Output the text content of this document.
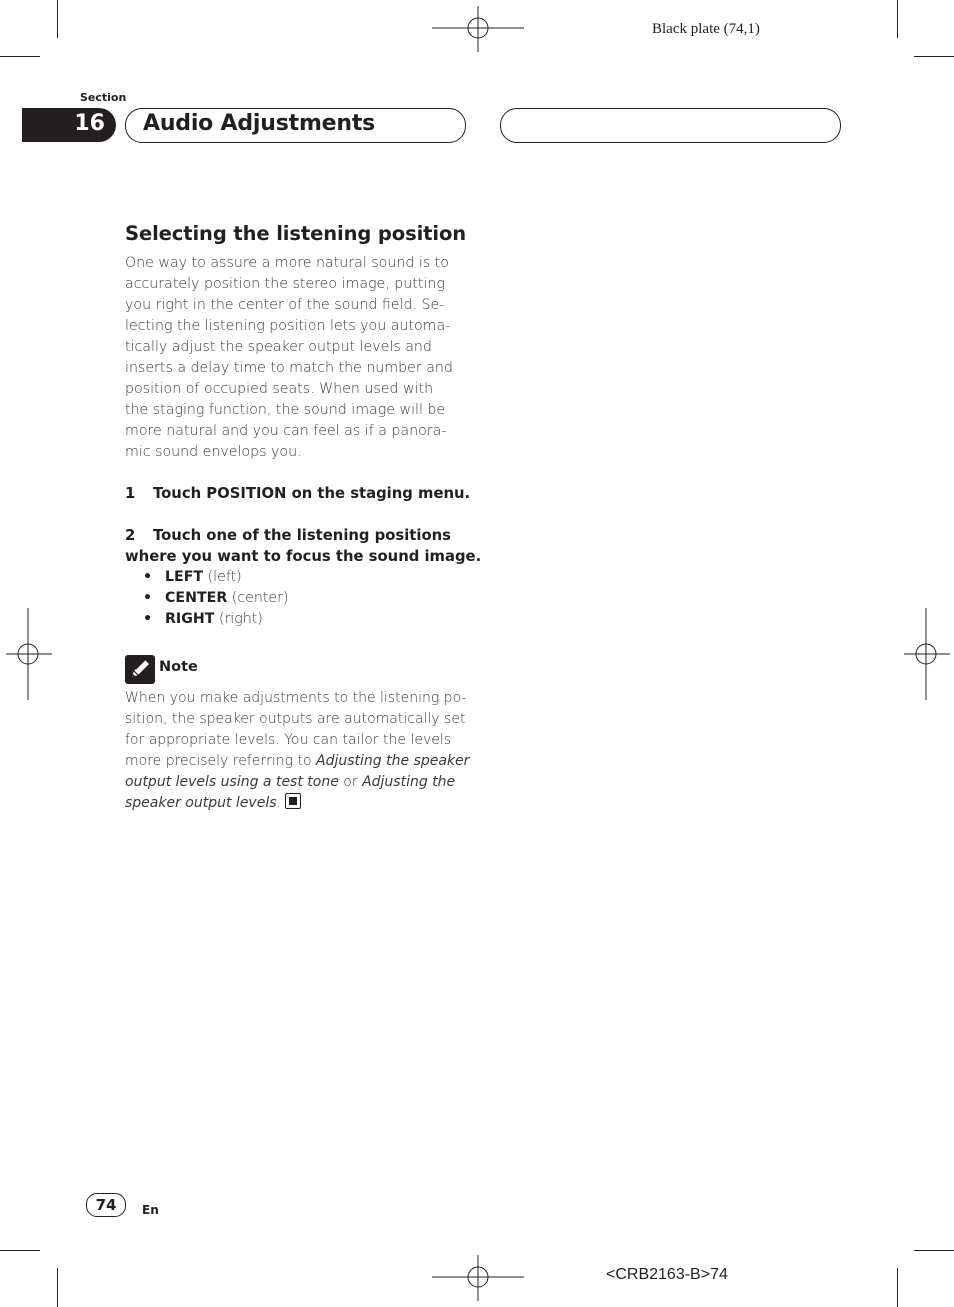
Black plate (74,1)
Section
16 Audio Adjustments
Selecting the listening position
One way to assure a more natural sound is to
accurately position the stereo image, putting
you right in the center of the sound field. Se-
lecting the listening position lets you automa-
tically adjust the speaker output levels and
inserts a delay time to match the number and
position of occupied seats. When used with
the staging function, the sound image will be
more natural and you can feel as if a panora-
mic sound envelops you.
1 Touch POSITION on the staging menu.
2 Touch one of the listening positions
where you want to focus the sound image.
• LEFT (left)
• CENTER (center)
• RIGHT (right)
Note
When you make adjustments to the listening po-
sition, the speaker outputs are automatically set
for appropriate levels. You can tailor the levels
more precisely referring to Adjusting the speaker
output levels using a test tone or Adjusting the
speaker output levels.
74	En
<CRB2163-B>74
